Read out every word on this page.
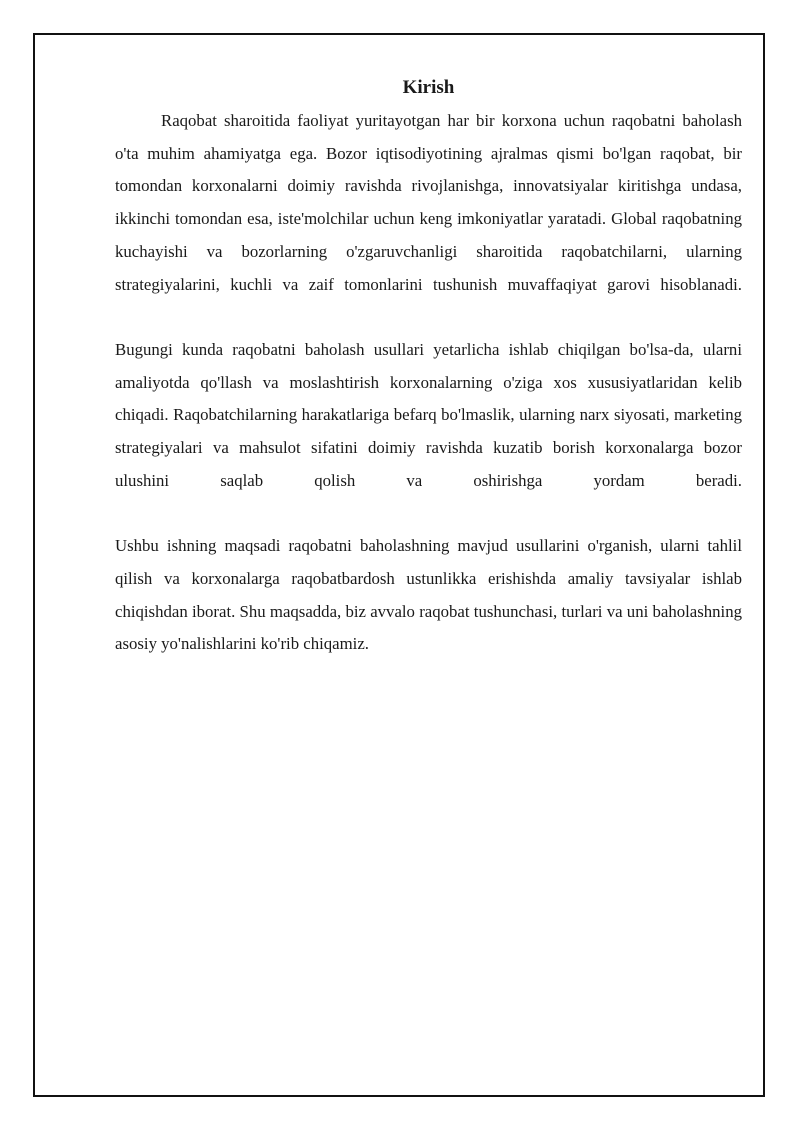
Kirish

Raqobat sharoitida faoliyat yuritayotgan har bir korxona uchun raqobatni baholash o'ta muhim ahamiyatga ega. Bozor iqtisodiyotining ajralmas qismi bo'lgan raqobat, bir tomondan korxonalarni doimiy ravishda rivojlanishga, innovatsiyalar kiritishga undasa, ikkinchi tomondan esa, iste'molchilar uchun keng imkoniyatlar yaratadi. Global raqobatning kuchayishi va bozorlarning o'zgaruvchanligi sharoitida raqobatchilarni, ularning strategiyalarini, kuchli va zaif tomonlarini tushunish muvaffaqiyat garovi hisoblanadi.

Bugungi kunda raqobatni baholash usullari yetarlicha ishlab chiqilgan bo'lsa-da, ularni amaliyotda qo'llash va moslashtirish korxonalarning o'ziga xos xususiyatlaridan kelib chiqadi. Raqobatchilarning harakatlariga befarq bo'lmaslik, ularning narx siyosati, marketing strategiyalari va mahsulot sifatini doimiy ravishda kuzatib borish korxonalarga bozor ulushini saqlab qolish va oshirishga yordam beradi.

Ushbu ishning maqsadi raqobatni baholashning mavjud usullarini o'rganish, ularni tahlil qilish va korxonalarga raqobatbardosh ustunlikka erishishda amaliy tavsiyalar ishlab chiqishdan iborat. Shu maqsadda, biz avvalo raqobat tushunchasi, turlari va uni baholashning asosiy yo'nalishlarini ko'rib chiqamiz.
